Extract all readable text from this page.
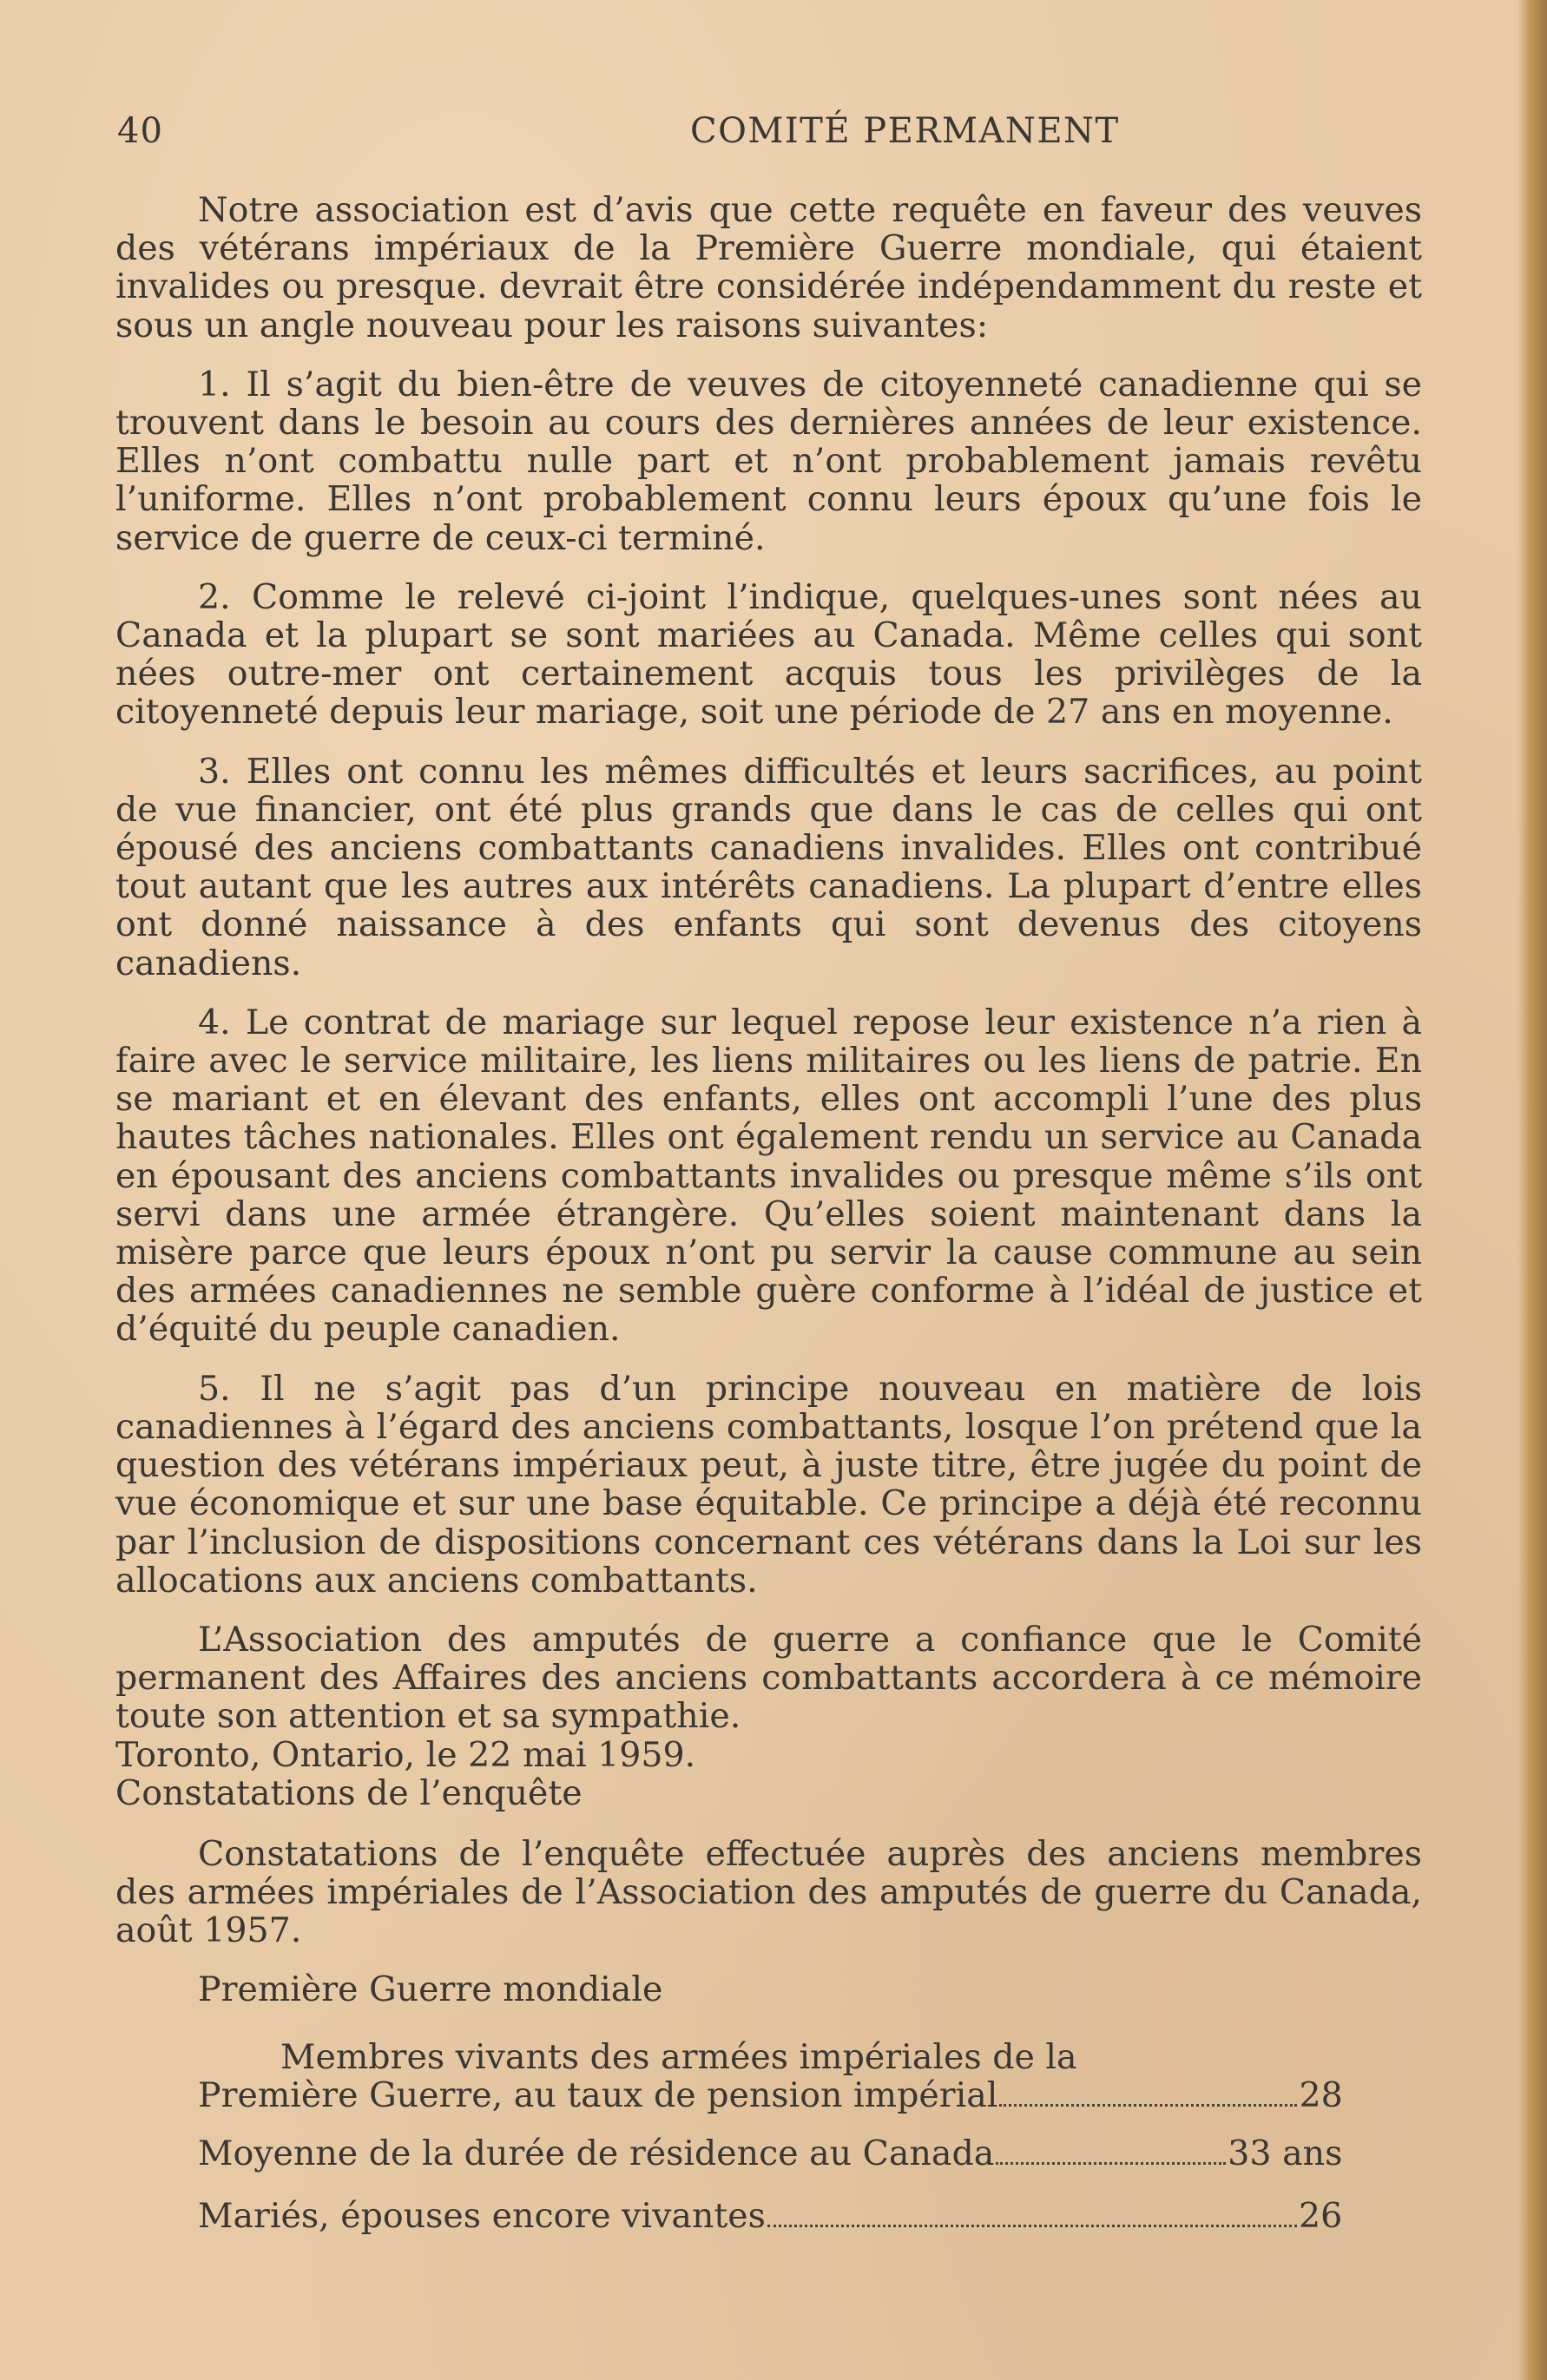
40	COMITÉ PERMANENT

Notre association est d’avis que cette requête en faveur des veuves des vétérans impériaux de la Première Guerre mondiale, qui étaient invalides ou presque. devrait être considérée indépendamment du reste et sous un angle nouveau pour les raisons suivantes:

1. Il s’agit du bien-être de veuves de citoyenneté canadienne qui se trouvent dans le besoin au cours des dernières années de leur existence. Elles n’ont combattu nulle part et n’ont probablement jamais revêtu l’uniforme. Elles n’ont probablement connu leurs époux qu’une fois le service de guerre de ceux-ci terminé.

2. Comme le relevé ci-joint l’indique, quelques-unes sont nées au Canada et la plupart se sont mariées au Canada. Même celles qui sont nées outre-mer ont certainement acquis tous les privilèges de la citoyenneté depuis leur mariage, soit une période de 27 ans en moyenne.

3. Elles ont connu les mêmes difficultés et leurs sacrifices, au point de vue financier, ont été plus grands que dans le cas de celles qui ont épousé des anciens combattants canadiens invalides. Elles ont contribué tout autant que les autres aux intérêts canadiens. La plupart d’entre elles ont donné naissance à des enfants qui sont devenus des citoyens canadiens.

4. Le contrat de mariage sur lequel repose leur existence n’a rien à faire avec le service militaire, les liens militaires ou les liens de patrie. En se mariant et en élevant des enfants, elles ont accompli l’une des plus hautes tâches nationales. Elles ont également rendu un service au Canada en épousant des anciens combattants invalides ou presque même s’ils ont servi dans une armée étrangère. Qu’elles soient maintenant dans la misère parce que leurs époux n’ont pu servir la cause commune au sein des armées canadiennes ne semble guère conforme à l’idéal de justice et d’équité du peuple canadien.

5. Il ne s’agit pas d’un principe nouveau en matière de lois canadiennes à l’égard des anciens combattants, losque l’on prétend que la question des vétérans impériaux peut, à juste titre, être jugée du point de vue économique et sur une base équitable. Ce principe a déjà été reconnu par l’inclusion de dispositions concernant ces vétérans dans la Loi sur les allocations aux anciens combattants.

L’Association des amputés de guerre a confiance que le Comité permanent des Affaires des anciens combattants accordera à ce mémoire toute son attention et sa sympathie.

Toronto, Ontario, le 22 mai 1959.

Constatations de l’enquête

Constatations de l’enquête effectuée auprès des anciens membres des armées impériales de l’Association des amputés de guerre du Canada, août 1957.

Première Guerre mondiale

Membres vivants des armées impériales de la

Première Guerre, au taux de pension impérial	28
Moyenne de la durée de résidence au Canada	33 ans
Mariés, épouses encore vivantes	26
